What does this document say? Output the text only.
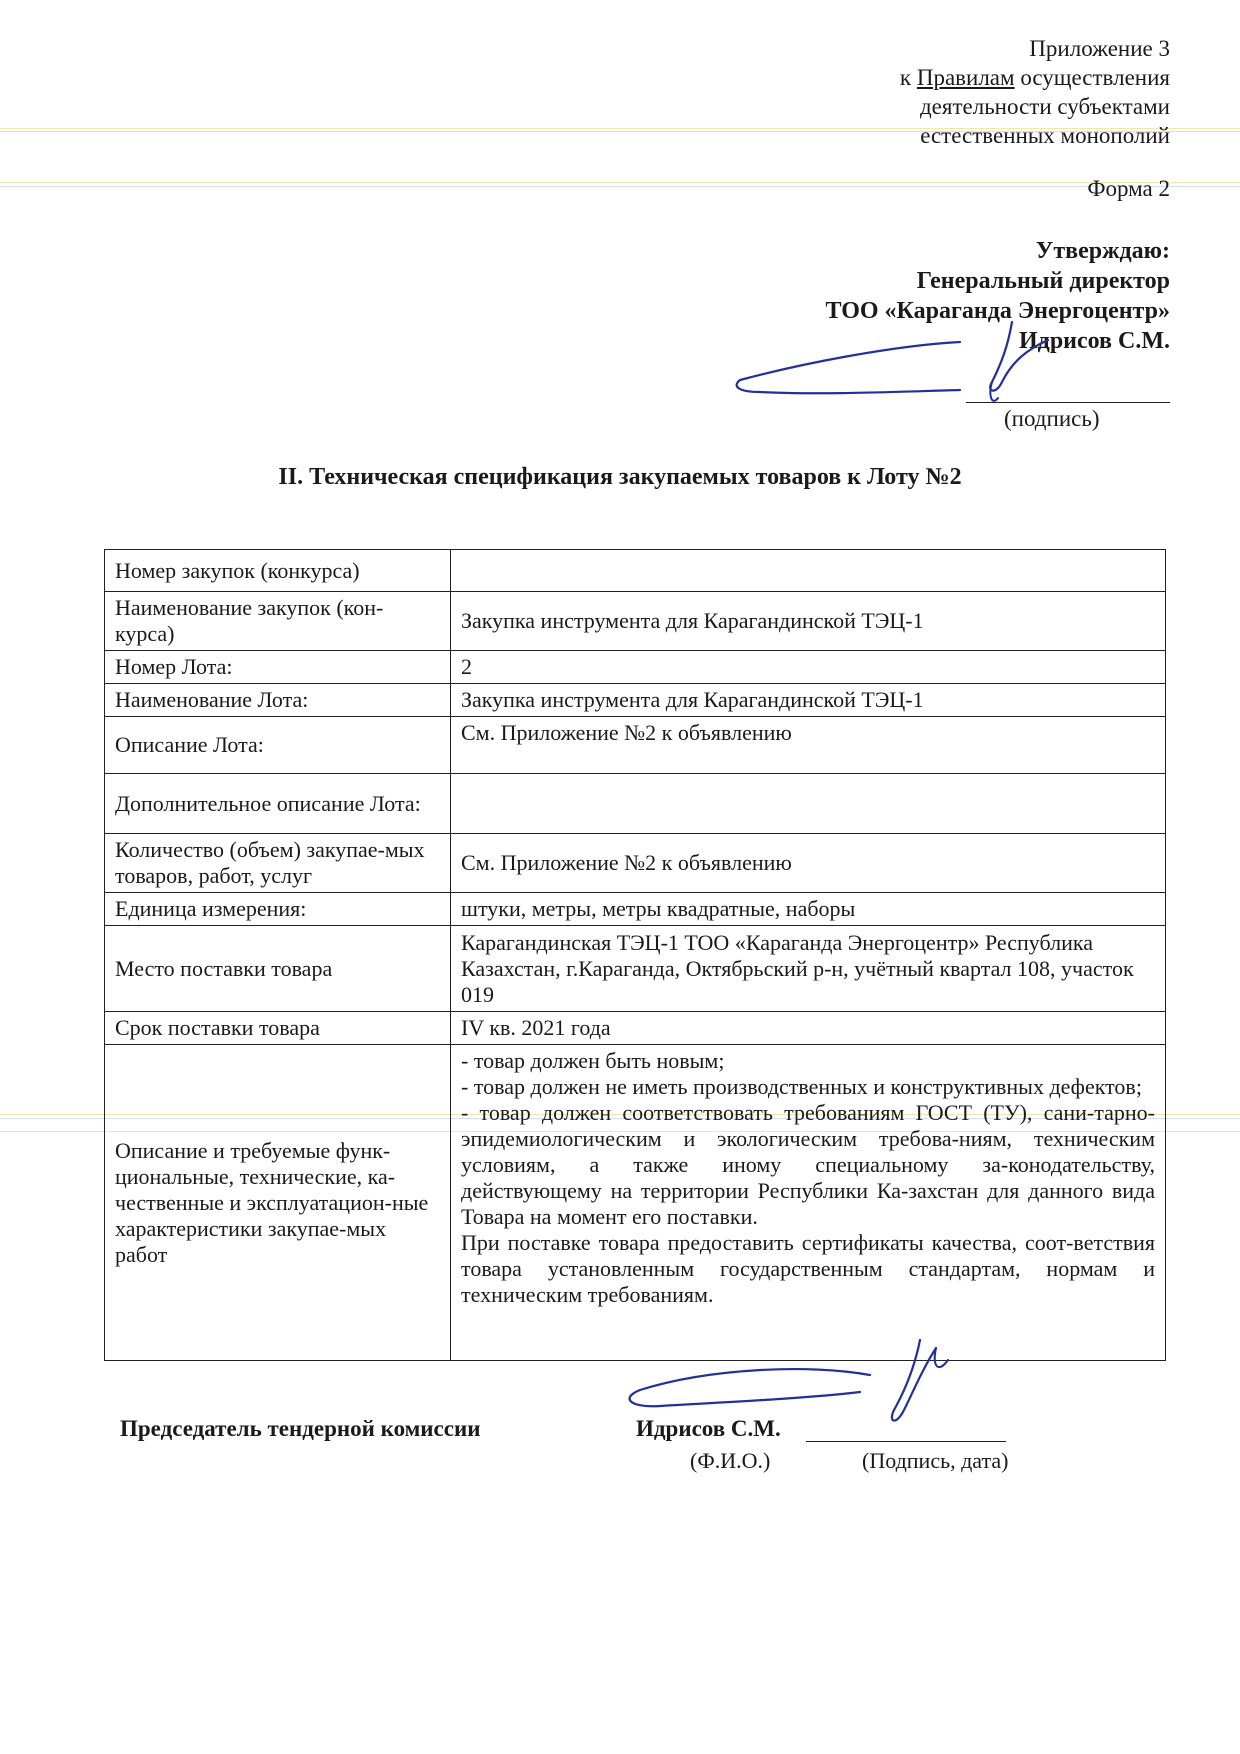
Приложение 3
к Правилам осуществления
деятельности субъектами
естественных монополий
Форма 2
Утверждаю:
Генеральный директор
ТОО «Караганда Энергоцентр»
Идрисов С.М.
(подпись)
II. Техническая спецификация закупаемых товаров к Лоту №2
Номер закупок (конкурса)	
Наименование закупок (кон-курса)	Закупка инструмента для Карагандинской ТЭЦ-1
Номер Лота:	2
Наименование Лота:	Закупка инструмента для Карагандинской ТЭЦ-1
Описание Лота:	См. Приложение №2 к объявлению
Дополнительное описание Лота:	
Количество (объем) закупае-мых товаров, работ, услуг	См. Приложение №2 к объявлению
Единица измерения:	штуки, метры, метры квадратные, наборы
Место поставки товара	Карагандинская ТЭЦ-1 ТОО «Караганда Энергоцентр» Республика Казахстан, г.Караганда, Октябрьский р-н, учётный квартал 108, участок 019
Срок поставки товара	IV кв. 2021 года
Описание и требуемые функ-циональные, технические, ка-чественные и эксплуатацион-ные характеристики закупае-мых работ	- товар должен быть новым;
- товар должен не иметь производственных и конструктивных дефектов;
- товар должен соответствовать требованиям ГОСТ (ТУ), сани-тарно-эпидемиологическим и экологическим требова-ниям, техническим условиям, а также иному специальному за-конодательству, действующему на территории Республики Ка-захстан для данного вида Товара на момент его поставки.
При поставке товара предоставить сертификаты качества, соот-ветствия товара установленным государственным стандартам, нормам и техническим требованиям.
Председатель тендерной комиссии	Идрисов С.М.
(Ф.И.О.)	(Подпись, дата)
